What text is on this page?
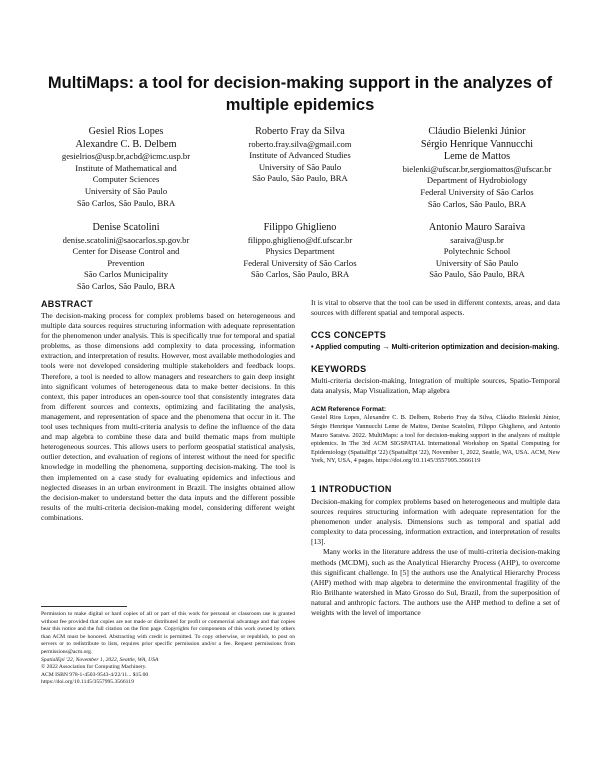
MultiMaps: a tool for decision-making support in the analyzes of multiple epidemics
Gesiel Rios Lopes
Alexandre C. B. Delbem
gesielrios@usp.br,acbd@icmc.usp.br
Institute of Mathematical and
Computer Sciences
University of São Paulo
São Carlos, São Paulo, BRA
Roberto Fray da Silva
roberto.fray.silva@gmail.com
Institute of Advanced Studies
University of São Paulo
São Paulo, São Paulo, BRA
Cláudio Bielenki Júnior
Sérgio Henrique Vannucchi
Leme de Mattos
bielenki@ufscar.br,sergiomattos@ufscar.br
Department of Hydrobiology
Federal University of São Carlos
São Carlos, São Paulo, BRA
Denise Scatolini
denise.scatolini@saocarlos.sp.gov.br
Center for Disease Control and
Prevention
São Carlos Municipality
São Carlos, São Paulo, BRA
Filippo Ghiglieno
filippo.ghiglieno@df.ufscar.br
Physics Department
Federal University of São Carlos
São Carlos, São Paulo, BRA
Antonio Mauro Saraiva
saraiva@usp.br
Polytechnic School
University of São Paulo
São Paulo, São Paulo, BRA
ABSTRACT

The decision-making process for complex problems based on heterogeneous and multiple data sources requires structuring information with adequate representation for the phenomenon under analysis. This is specifically true for temporal and spatial problems, as those dimensions add complexity to data processing, information extraction, and interpretation of results. However, most available methodologies and tools were not developed considering multiple stakeholders and feedback loops. Therefore, a tool is needed to allow managers and researchers to gain deep insight into significant volumes of heterogeneous data to make better decisions. In this context, this paper introduces an open-source tool that consistently integrates data from different sources and contexts, optimizing and facilitating the analysis, management, and representation of space and the phenomena that occur in it. The tool uses techniques from multi-criteria analysis to define the influence of the data and map algebra to combine these data and build thematic maps from multiple heterogeneous sources. This allows users to perform geospatial statistical analysis, outlier detection, and evaluation of regions of interest without the need for specific knowledge in modelling the phenomena, supporting decision-making. The tool is then implemented on a case study for evaluating epidemics and infectious and neglected diseases in an urban environment in Brazil. The insights obtained allow the decision-maker to understand better the data inputs and the different possible results of the multi-criteria decision-making model, considering different weight combinations.

Permission to make digital or hard copies of all or part of this work for personal or classroom use is granted without fee provided that copies are not made or distributed for profit or commercial advantage and that copies bear this notice and the full citation on the first page. Copyrights for components of this work owned by others than ACM must be honored. Abstracting with credit is permitted. To copy otherwise, or republish, to post on servers or to redistribute to lists, requires prior specific permission and/or a fee. Request permissions from permissions@acm.org.

SpatialEpi '22, November 1, 2022, Seattle, WA, USA

© 2022 Association for Computing Machinery.

ACM ISBN 978-1-4503-9543-4/22/11... $15.00

https://doi.org/10.1145/3557995.3566119

It is vital to observe that the tool can be used in different contexts, areas, and data sources with different spatial and temporal aspects.

CCS CONCEPTS

• Applied computing → Multi-criterion optimization and decision-making.

KEYWORDS

Multi-criteria decision-making, Integration of multiple sources, Spatio-Temporal data analysis, Map Visualization, Map algebra

ACM Reference Format:

Gesiel Rios Lopes, Alexandre C. B. Delbem, Roberto Fray da Silva, Cláudio Bielenki Júnior, Sérgio Henrique Vannucchi Leme de Mattos, Denise Scatolini, Filippo Ghiglieno, and Antonio Mauro Saraiva. 2022. MultiMaps: a tool for decision-making support in the analyzes of multiple epidemics. In The 3rd ACM SIGSPATIAL International Workshop on Spatial Computing for Epidemiology (SpatialEpi '22) (SpatialEpi '22), November 1, 2022, Seattle, WA, USA. ACM, New York, NY, USA, 4 pages. https://doi.org/10.1145/3557995.3566119

1 INTRODUCTION

Decision-making for complex problems based on heterogeneous and multiple data sources requires structuring information with adequate representation for the phenomenon under analysis. Dimensions such as temporal and spatial add complexity to data processing, information extraction, and interpretation of results [13].

Many works in the literature address the use of multi-criteria decision-making methods (MCDM), such as the Analytical Hierarchy Process (AHP), to overcome this significant challenge. In [5] the authors use the Analytical Hierarchy Process (AHP) method with map algebra to determine the environmental fragility of the Rio Brilhante watershed in Mato Grosso do Sul, Brazil, from the superposition of natural and anthropic factors. The authors use the AHP method to define a set of weights with the level of importance
